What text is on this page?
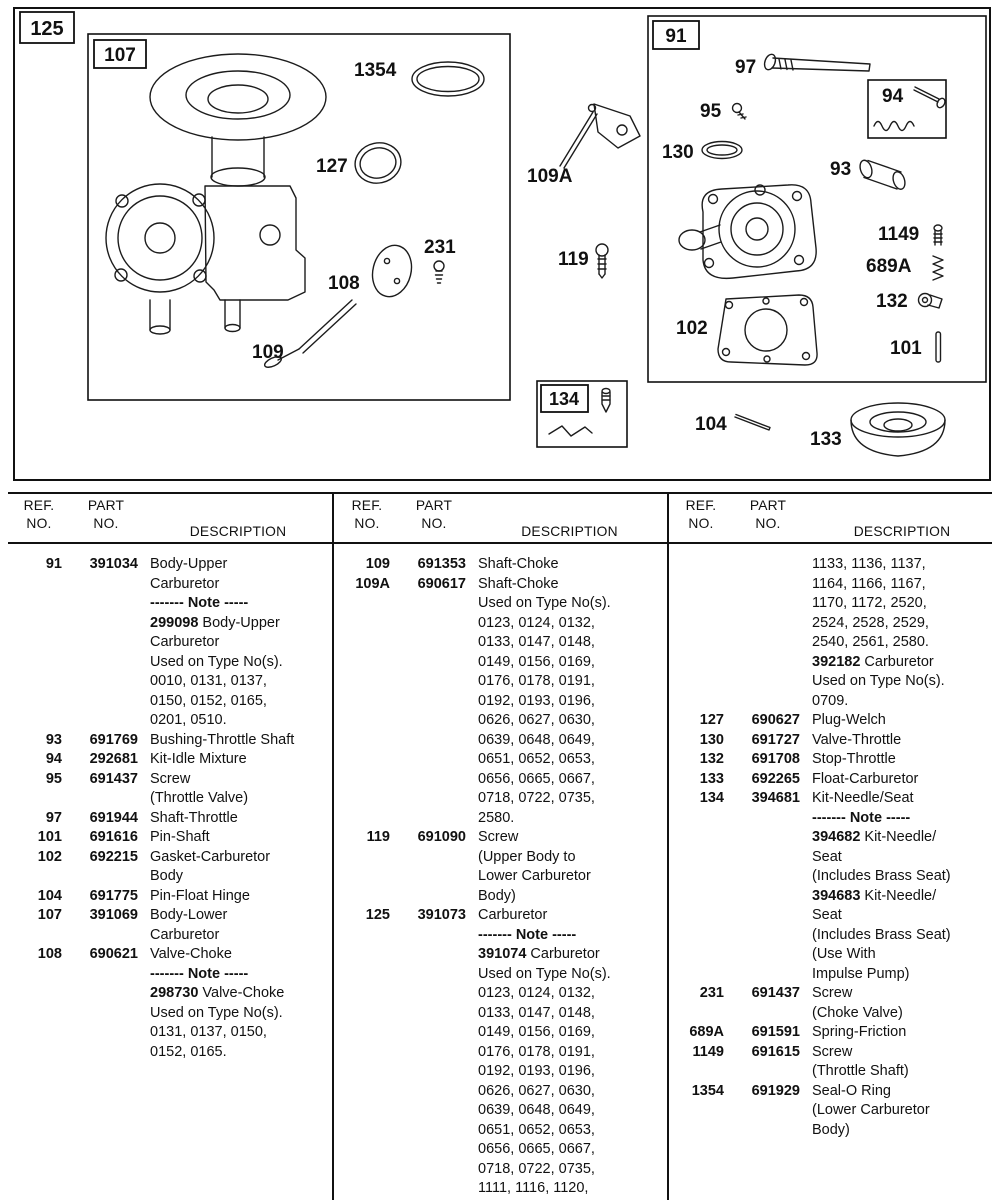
125
107
1354
127
231
108
109
109A
119
91
97
95
94
130
93
1149
689A
132
101
102
134
104
133
REF.
NO.
PART
NO.
DESCRIPTION
91	391034 Body-Upper
Carburetor
------- Note -----
299098 Body-Upper
Carburetor
Used on Type No(s).
0010, 0131, 0137,
0150, 0152, 0165,
0201, 0510.
93	691769 Bushing-Throttle Shaft
94	292681 Kit-Idle Mixture
95	691437 Screw
(Throttle Valve)
97	691944 Shaft-Throttle
101	691616 Pin-Shaft
102	692215 Gasket-Carburetor
Body
104	691775 Pin-Float Hinge
107	391069 Body-Lower
Carburetor
108	690621 Valve-Choke
------- Note -----
298730 Valve-Choke
Used on Type No(s).
0131, 0137, 0150,
0152, 0165.
REF.
NO.
PART
NO.
DESCRIPTION
109	691353 Shaft-Choke
109A	690617 Shaft-Choke
Used on Type No(s).
0123, 0124, 0132,
0133, 0147, 0148,
0149, 0156, 0169,
0176, 0178, 0191,
0192, 0193, 0196,
0626, 0627, 0630,
0639, 0648, 0649,
0651, 0652, 0653,
0656, 0665, 0667,
0718, 0722, 0735,
2580.
119	691090 Screw
(Upper Body to
Lower Carburetor
Body)
125	391073 Carburetor
------- Note -----
391074 Carburetor
Used on Type No(s).
0123, 0124, 0132,
0133, 0147, 0148,
0149, 0156, 0169,
0176, 0178, 0191,
0192, 0193, 0196,
0626, 0627, 0630,
0639, 0648, 0649,
0651, 0652, 0653,
0656, 0665, 0667,
0718, 0722, 0735,
1111, 1116, 1120,
REF.
NO.
PART
NO.
DESCRIPTION
1133, 1136, 1137,
1164, 1166, 1167,
1170, 1172, 2520,
2524, 2528, 2529,
2540, 2561, 2580.
392182 Carburetor
Used on Type No(s).
0709.
127	690627 Plug-Welch
130	691727 Valve-Throttle
132	691708 Stop-Throttle
133	692265 Float-Carburetor
134	394681 Kit-Needle/Seat
------- Note -----
394682 Kit-Needle/
Seat
(Includes Brass Seat)
394683 Kit-Needle/
Seat
(Includes Brass Seat)
(Use With
Impulse Pump)
231	691437 Screw
(Choke Valve)
689A	691591 Spring-Friction
1149	691615 Screw
(Throttle Shaft)
1354	691929 Seal-O Ring
(Lower Carburetor
Body)
